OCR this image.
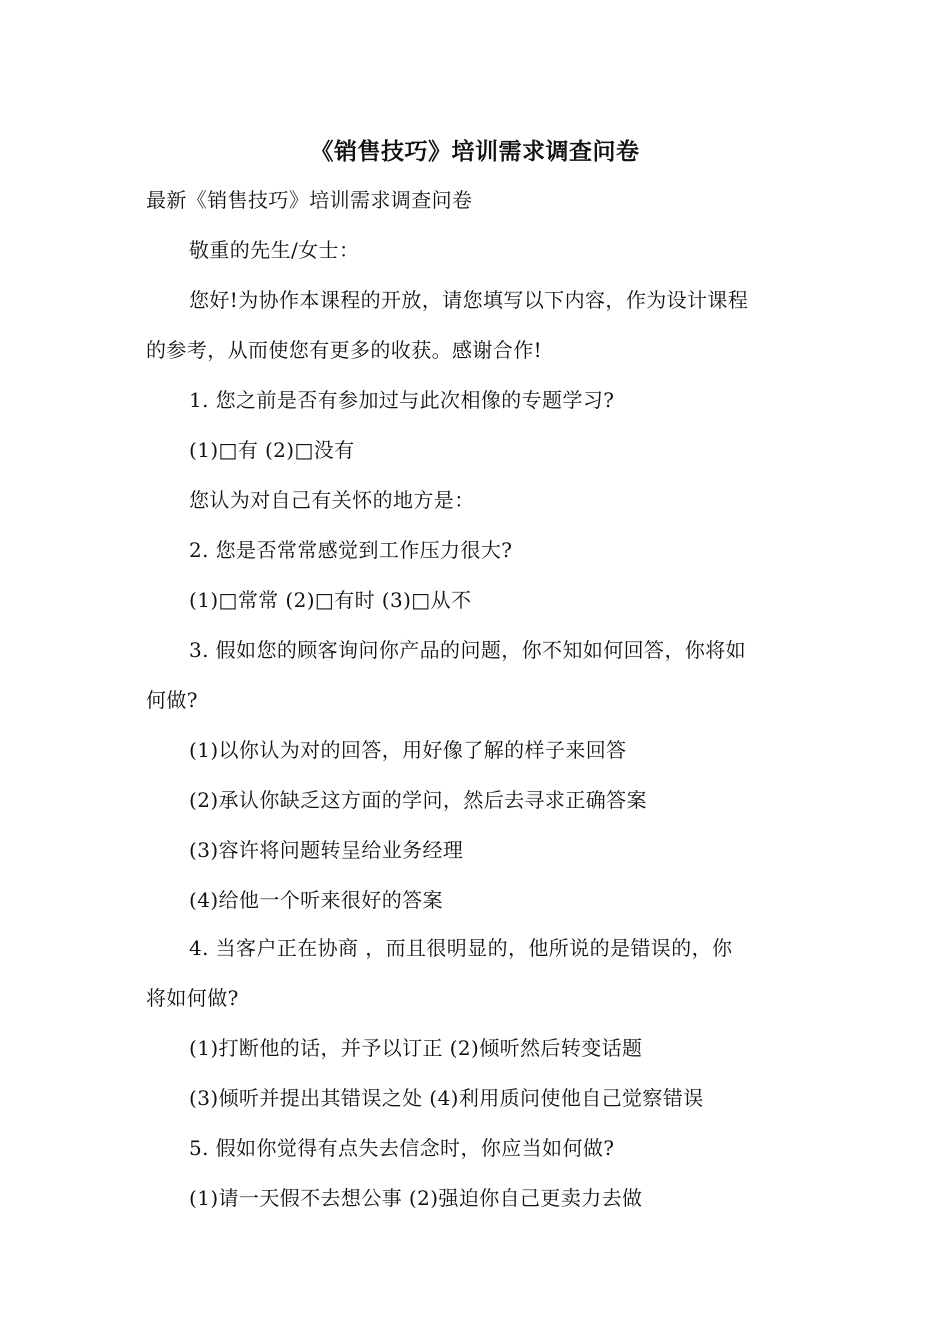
《销售技巧》培训需求调查问卷
最新《销售技巧》培训需求调查问卷
敬重的先生/女士：
您好!为协作本课程的开放，请您填写以下内容，作为设计课程
的参考，从而使您有更多的收获。感谢合作!
1. 您之前是否有参加过与此次相像的专题学习?
(1)□有 (2)□没有
您认为对自己有关怀的地方是：
2. 您是否常常感觉到工作压力很大?
(1)□常常 (2)□有时 (3)□从不
3. 假如您的顾客询问你产品的问题，你不知如何回答，你将如
何做?
(1)以你认为对的回答，用好像了解的样子来回答
(2)承认你缺乏这方面的学问，然后去寻求正确答案
(3)容许将问题转呈给业务经理
(4)给他一个听来很好的答案
4. 当客户正在协商 ，而且很明显的，他所说的是错误的，你
将如何做?
(1)打断他的话，并予以订正 (2)倾听然后转变话题
(3)倾听并提出其错误之处 (4)利用质问使他自己觉察错误
5. 假如你觉得有点失去信念时，你应当如何做?
(1)请一天假不去想公事 (2)强迫你自己更卖力去做
